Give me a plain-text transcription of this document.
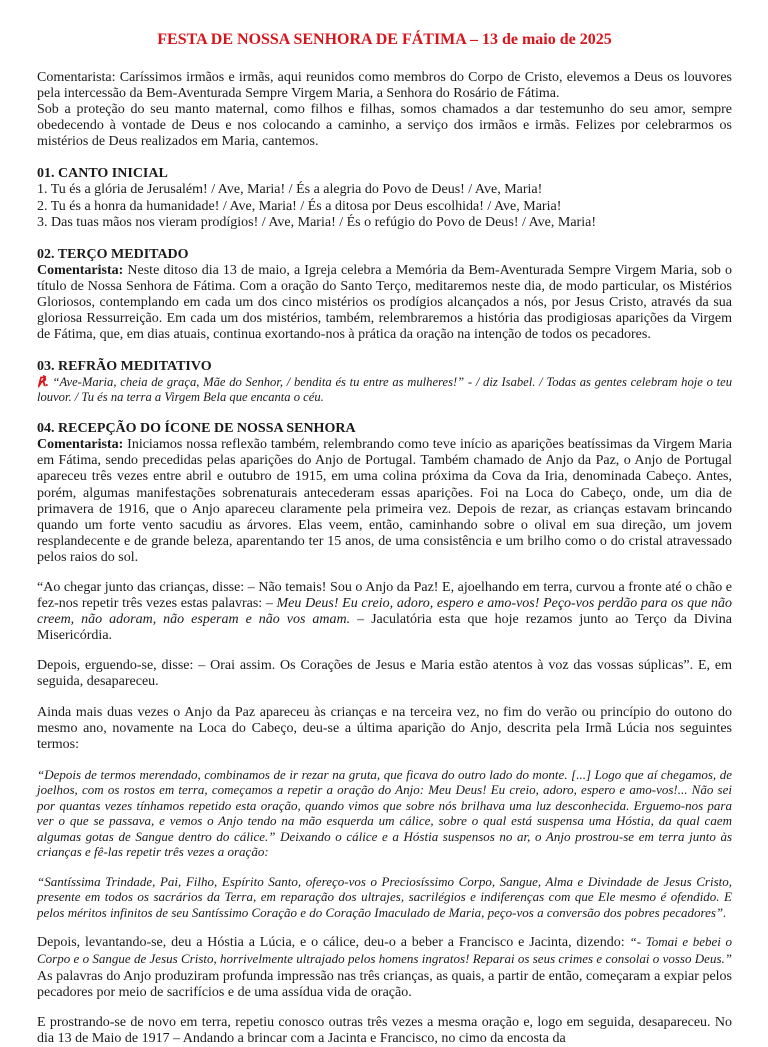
FESTA DE NOSSA SENHORA DE FÁTIMA – 13 de maio de 2025

Comentarista: Caríssimos irmãos e irmãs, aqui reunidos como membros do Corpo de Cristo, elevemos a Deus os louvores pela intercessão da Bem-Aventurada Sempre Virgem Maria, a Senhora do Rosário de Fátima.

Sob a proteção do seu manto maternal, como filhos e filhas, somos chamados a dar testemunho do seu amor, sempre obedecendo à vontade de Deus e nos colocando a caminho, a serviço dos irmãos e irmãs. Felizes por celebrarmos os mistérios de Deus realizados em Maria, cantemos.

01. CANTO INICIAL

1. Tu és a glória de Jerusalém! / Ave, Maria! / És a alegria do Povo de Deus! / Ave, Maria!

2. Tu és a honra da humanidade! / Ave, Maria! / És a ditosa por Deus escolhida! / Ave, Maria!

3. Das tuas mãos nos vieram prodígios! / Ave, Maria! / És o refúgio do Povo de Deus! / Ave, Maria!

02. TERÇO MEDITADO

Comentarista: Neste ditoso dia 13 de maio, a Igreja celebra a Memória da Bem-Aventurada Sempre Virgem Maria, sob o título de Nossa Senhora de Fátima. Com a oração do Santo Terço, meditaremos neste dia, de modo particular, os Mistérios Gloriosos, contemplando em cada um dos cinco mistérios os prodígios alcançados a nós, por Jesus Cristo, através da sua gloriosa Ressurreição. Em cada um dos mistérios, também, relembraremos a história das prodigiosas aparições da Virgem de Fátima, que, em dias atuais, continua exortando-nos à prática da oração na intenção de todos os pecadores.

03. REFRÃO MEDITATIVO

℟. “Ave-Maria, cheia de graça, Mãe do Senhor, / bendita és tu entre as mulheres!” - / diz Isabel. / Todas as gentes celebram hoje o teu louvor. / Tu és na terra a Virgem Bela que encanta o céu.

04. RECEPÇÃO DO ÍCONE DE NOSSA SENHORA

Comentarista: Iniciamos nossa reflexão também, relembrando como teve início as aparições beatíssimas da Virgem Maria em Fátima, sendo precedidas pelas aparições do Anjo de Portugal. Também chamado de Anjo da Paz, o Anjo de Portugal apareceu três vezes entre abril e outubro de 1915, em uma colina próxima da Cova da Iria, denominada Cabeço. Antes, porém, algumas manifestações sobrenaturais antecederam essas aparições. Foi na Loca do Cabeço, onde, um dia de primavera de 1916, que o Anjo apareceu claramente pela primeira vez. Depois de rezar, as crianças estavam brincando quando um forte vento sacudiu as árvores. Elas veem, então, caminhando sobre o olival em sua direção, um jovem resplandecente e de grande beleza, aparentando ter 15 anos, de uma consistência e um brilho como o do cristal atravessado pelos raios do sol.

“Ao chegar junto das crianças, disse: – Não temais! Sou o Anjo da Paz! E, ajoelhando em terra, curvou a fronte até o chão e fez-nos repetir três vezes estas palavras: – Meu Deus! Eu creio, adoro, espero e amo-vos! Peço-vos perdão para os que não creem, não adoram, não esperam e não vos amam. – Jaculatória esta que hoje rezamos junto ao Terço da Divina Misericórdia.

Depois, erguendo-se, disse: – Orai assim. Os Corações de Jesus e Maria estão atentos à voz das vossas súplicas”. E, em seguida, desapareceu.

Ainda mais duas vezes o Anjo da Paz apareceu às crianças e na terceira vez, no fim do verão ou princípio do outono do mesmo ano, novamente na Loca do Cabeço, deu-se a última aparição do Anjo, descrita pela Irmã Lúcia nos seguintes termos:

“Depois de termos merendado, combinamos de ir rezar na gruta, que ficava do outro lado do monte. [...] Logo que aí chegamos, de joelhos, com os rostos em terra, começamos a repetir a oração do Anjo: Meu Deus! Eu creio, adoro, espero e amo-vos!... Não sei por quantas vezes tínhamos repetido esta oração, quando vimos que sobre nós brilhava uma luz desconhecida. Erguemo-nos para ver o que se passava, e vemos o Anjo tendo na mão esquerda um cálice, sobre o qual está suspensa uma Hóstia, da qual caem algumas gotas de Sangue dentro do cálice.” Deixando o cálice e a Hóstia suspensos no ar, o Anjo prostrou-se em terra junto às crianças e fê-las repetir três vezes a oração:

“Santíssima Trindade, Pai, Filho, Espírito Santo, ofereço-vos o Preciosíssimo Corpo, Sangue, Alma e Divindade de Jesus Cristo, presente em todos os sacrários da Terra, em reparação dos ultrajes, sacrilégios e indiferenças com que Ele mesmo é ofendido. E pelos méritos infinitos de seu Santíssimo Coração e do Coração Imaculado de Maria, peço-vos a conversão dos pobres pecadores”.

Depois, levantando-se, deu a Hóstia a Lúcia, e o cálice, deu-o a beber a Francisco e Jacinta, dizendo: “- Tomai e bebei o Corpo e o Sangue de Jesus Cristo, horrivelmente ultrajado pelos homens ingratos! Reparai os seus crimes e consolai o vosso Deus.” As palavras do Anjo produziram profunda impressão nas três crianças, as quais, a partir de então, começaram a expiar pelos pecadores por meio de sacrifícios e de uma assídua vida de oração.

E prostrando-se de novo em terra, repetiu conosco outras três vezes a mesma oração e, logo em seguida, desapareceu. No dia 13 de Maio de 1917 – Andando a brincar com a Jacinta e Francisco, no cimo da encosta da
